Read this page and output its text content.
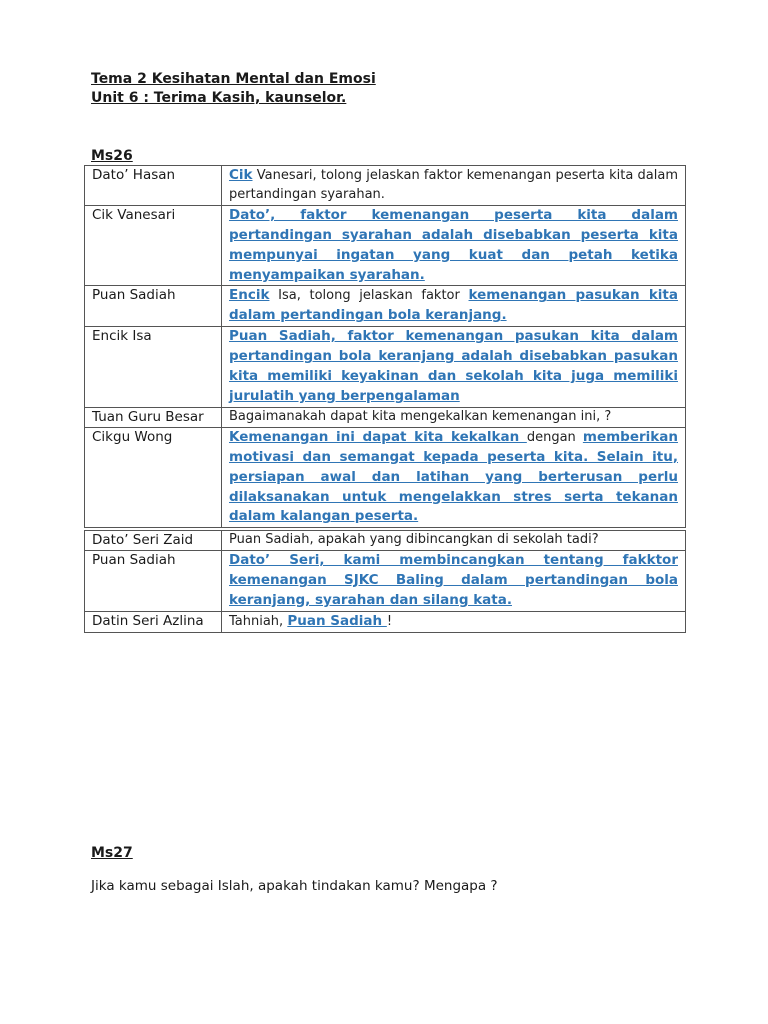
Tema 2 Kesihatan Mental dan Emosi
Unit 6 : Terima Kasih, kaunselor.
Ms26
Dato’ Hasan	Cik Vanesari, tolong jelaskan faktor kemenangan peserta kita dalam pertandingan syarahan.
Cik Vanesari	Dato’, faktor kemenangan peserta kita dalam pertandingan syarahan adalah disebabkan peserta kita mempunyai ingatan yang kuat dan petah ketika menyampaikan syarahan.
Puan Sadiah	Encik Isa, tolong jelaskan faktor kemenangan pasukan kita dalam pertandingan bola keranjang.
Encik Isa	Puan Sadiah, faktor kemenangan pasukan kita dalam pertandingan bola keranjang adalah disebabkan pasukan kita memiliki keyakinan dan sekolah kita juga memiliki jurulatih yang berpengalaman
Tuan Guru Besar	Bagaimanakah dapat kita mengekalkan kemenangan ini, ?
Cikgu Wong	Kemenangan ini dapat kita kekalkan dengan memberikan motivasi dan semangat kepada peserta kita. Selain itu, persiapan awal dan latihan yang berterusan perlu dilaksanakan untuk mengelakkan stres serta tekanan dalam kalangan peserta.
Dato’ Seri Zaid	Puan Sadiah, apakah yang dibincangkan di sekolah tadi?
Puan Sadiah	Dato’ Seri, kami membincangkan tentang fakktor kemenangan SJKC Baling dalam pertandingan bola keranjang, syarahan dan silang kata.
Datin Seri Azlina	Tahniah, Puan Sadiah !
Ms27
Jika kamu sebagai Islah, apakah tindakan kamu? Mengapa ?
